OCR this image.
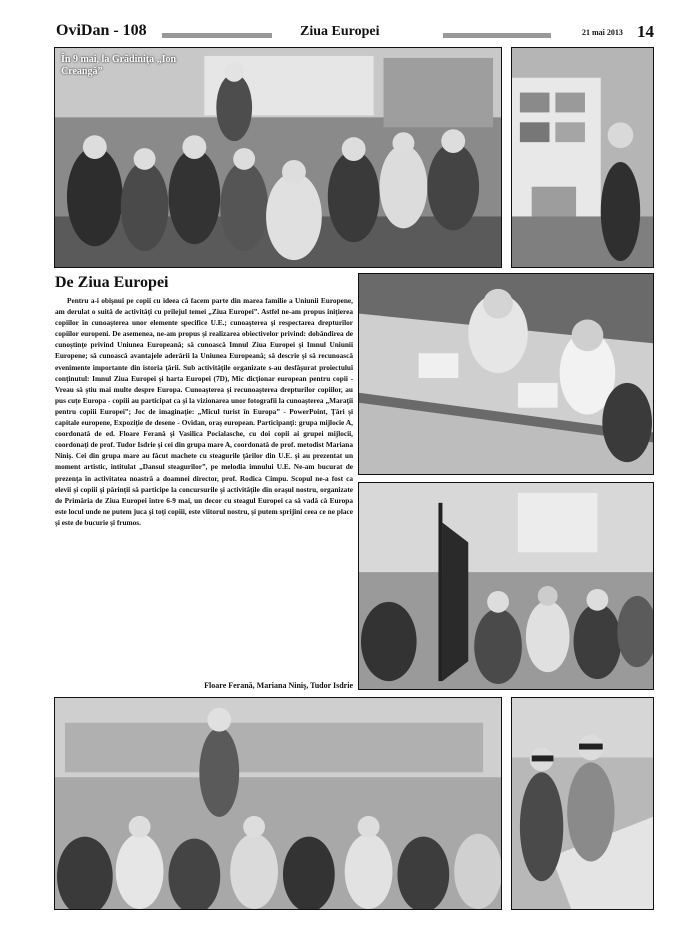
OviDan - 108	Ziua Europei	21 mai 2013 14
În 9 mai, la Grădiniţa „Ion Creangă”
De Ziua Europei

Pentru a-i obişnui pe copii cu ideea că facem parte din marea familie a Uniunii Europene, am derulat o suită de activităţi cu prilejul temei „Ziua Europei”. Astfel ne-am propus iniţierea copiilor în cunoaşterea unor elemente specifice U.E.; cunoaşterea şi respectarea drepturilor copiilor europeni. De asemenea, ne-am propus şi realizarea obiectivelor privind: dobândirea de cunoştinţe privind Uniunea Europeană; să cunoască Imnul Ziua Europei şi Imnul Uniunii Europene; să cunoască avantajele aderării la Uniunea Europeană; să descrie şi să recunoască evenimente importante din istoria ţării. Sub activităţile organizate s-au desfăşurat proiectului conţinutul: Imnul Ziua Europei şi harta Europei (7D), Mic dicţionar european pentru copii - Vreau să ştiu mai multe despre Europa. Cunoaşterea şi recunoaşterea drepturilor copiilor, au pus cuţe Europa - copiii au participat ca şi la vizionarea unor fotografii la cunoaşterea „Maraţii pentru copiii Europei”; Joc de imaginaţie: „Micul turist în Europa” - PowerPoint, Ţări şi capitale europene, Expoziţie de desene - Ovidan, oraş european. Participanţi: grupa mijlocie A, coordonată de ed. Floare Ferană şi Vasilica Pocialasche, cu doi copii ai grupei mijlocii, coordonaţi de prof. Tudor Isdrie şi cei din grupa mare A, coordonată de prof. metodist Mariana Niniş. Cei din grupa mare au făcut machete cu steagurile ţărilor din U.E. şi au prezentat un moment artistic, intitulat „Dansul steagurilor”, pe melodia imnului U.E. Ne-am bucurat de prezenţa în activitatea noastră a doamnei director, prof. Rodica Cimpu. Scopul ne-a fost ca elevii şi copiii şi părinţii să participe la concursurile şi activităţile din oraşul nostru, organizate de Primăria de Ziua Europei între 6-9 mai, un decor cu steagul Europei ca să vadă că Europa este locul unde ne putem juca şi toţi copiii, este viitorul nostru, şi putem sprijini ceea ce ne place şi este de bucurie şi frumos.

Floare Ferană, Mariana Niniş, Tudor Isdrie
